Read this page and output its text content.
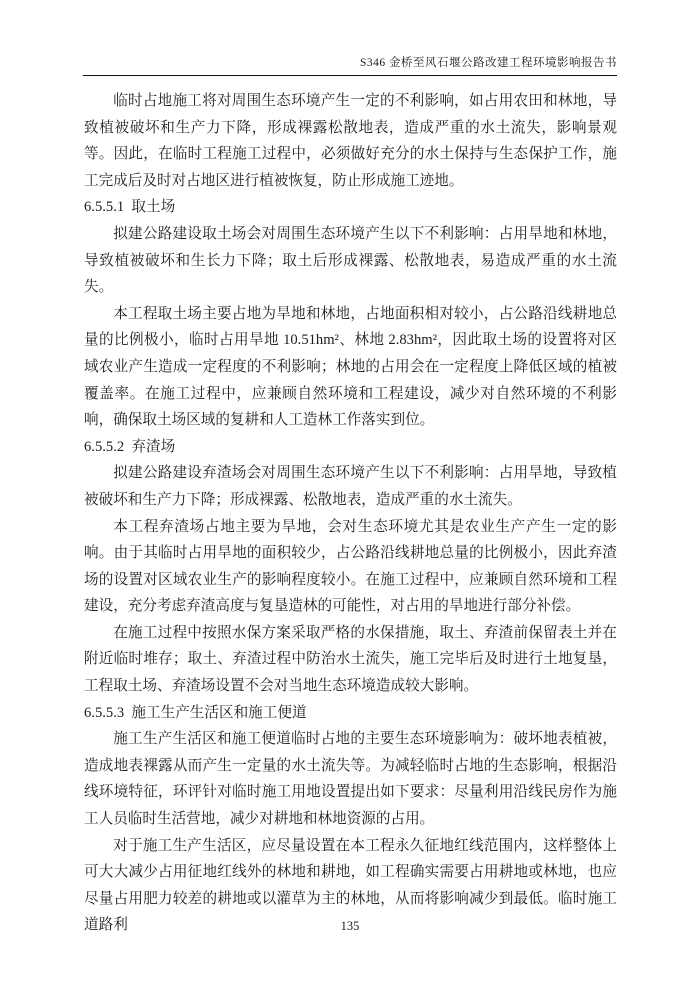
S346 金桥至风石堰公路改建工程环境影响报告书

临时占地施工将对周围生态环境产生一定的不利影响，如占用农田和林地，导致植被破坏和生产力下降，形成裸露松散地表，造成严重的水土流失，影响景观等。因此，在临时工程施工过程中，必须做好充分的水土保持与生态保护工作，施工完成后及时对占地区进行植被恢复，防止形成施工迹地。

6.5.5.1  取土场

拟建公路建设取土场会对周围生态环境产生以下不利影响：占用旱地和林地，导致植被破坏和生长力下降；取土后形成裸露、松散地表，易造成严重的水土流失。

本工程取土场主要占地为旱地和林地，占地面积相对较小，占公路沿线耕地总量的比例极小，临时占用旱地 10.51hm²、林地 2.83hm²，因此取土场的设置将对区域农业产生造成一定程度的不利影响；林地的占用会在一定程度上降低区域的植被覆盖率。在施工过程中，应兼顾自然环境和工程建设，减少对自然环境的不利影响，确保取土场区域的复耕和人工造林工作落实到位。

6.5.5.2  弃渣场

拟建公路建设弃渣场会对周围生态环境产生以下不利影响：占用旱地，导致植被破坏和生产力下降；形成裸露、松散地表，造成严重的水土流失。

本工程弃渣场占地主要为旱地，会对生态环境尤其是农业生产产生一定的影响。由于其临时占用旱地的面积较少，占公路沿线耕地总量的比例极小，因此弃渣场的设置对区域农业生产的影响程度较小。在施工过程中，应兼顾自然环境和工程建设，充分考虑弃渣高度与复垦造林的可能性，对占用的旱地进行部分补偿。

在施工过程中按照水保方案采取严格的水保措施，取土、弃渣前保留表土并在附近临时堆存；取土、弃渣过程中防治水土流失，施工完毕后及时进行土地复垦，工程取土场、弃渣场设置不会对当地生态环境造成较大影响。

6.5.5.3  施工生产生活区和施工便道

施工生产生活区和施工便道临时占地的主要生态环境影响为：破坏地表植被，造成地表裸露从而产生一定量的水土流失等。为减轻临时占地的生态影响，根据沿线环境特征，环评针对临时施工用地设置提出如下要求：尽量利用沿线民房作为施工人员临时生活营地，减少对耕地和林地资源的占用。

对于施工生产生活区，应尽量设置在本工程永久征地红线范围内，这样整体上可大大减少占用征地红线外的林地和耕地，如工程确实需要占用耕地或林地，也应尽量占用肥力较差的耕地或以灌草为主的林地，从而将影响减少到最低。临时施工道路利	135
